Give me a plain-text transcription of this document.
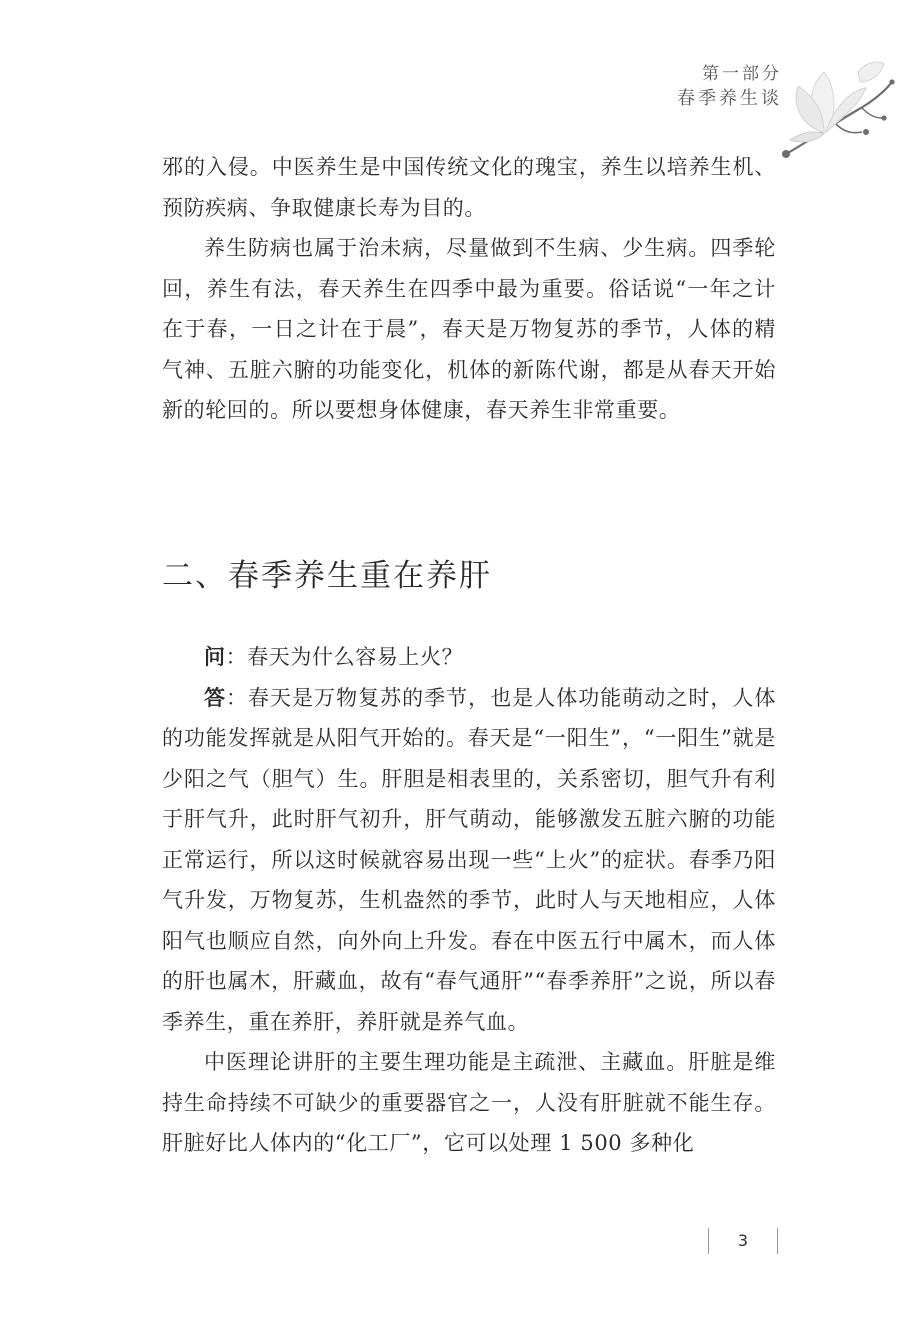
第一部分
春季养生谈

邪的入侵。中医养生是中国传统文化的瑰宝，养生以培养生机、预防疾病、争取健康长寿为目的。

养生防病也属于治未病，尽量做到不生病、少生病。四季轮回，养生有法，春天养生在四季中最为重要。俗话说“一年之计在于春，一日之计在于晨”，春天是万物复苏的季节，人体的精气神、五脏六腑的功能变化，机体的新陈代谢，都是从春天开始新的轮回的。所以要想身体健康，春天养生非常重要。

二、春季养生重在养肝

问：春天为什么容易上火？

答：春天是万物复苏的季节，也是人体功能萌动之时，人体的功能发挥就是从阳气开始的。春天是“一阳生”，“一阳生”就是少阳之气（胆气）生。肝胆是相表里的，关系密切，胆气升有利于肝气升，此时肝气初升，肝气萌动，能够激发五脏六腑的功能正常运行，所以这时候就容易出现一些“上火”的症状。春季乃阳气升发，万物复苏，生机盎然的季节，此时人与天地相应，人体阳气也顺应自然，向外向上升发。春在中医五行中属木，而人体的肝也属木，肝藏血，故有“春气通肝”“春季养肝”之说，所以春季养生，重在养肝，养肝就是养气血。

中医理论讲肝的主要生理功能是主疏泄、主藏血。肝脏是维持生命持续不可缺少的重要器官之一，人没有肝脏就不能生存。肝脏好比人体内的“化工厂”，它可以处理 1 500 多种化

3
